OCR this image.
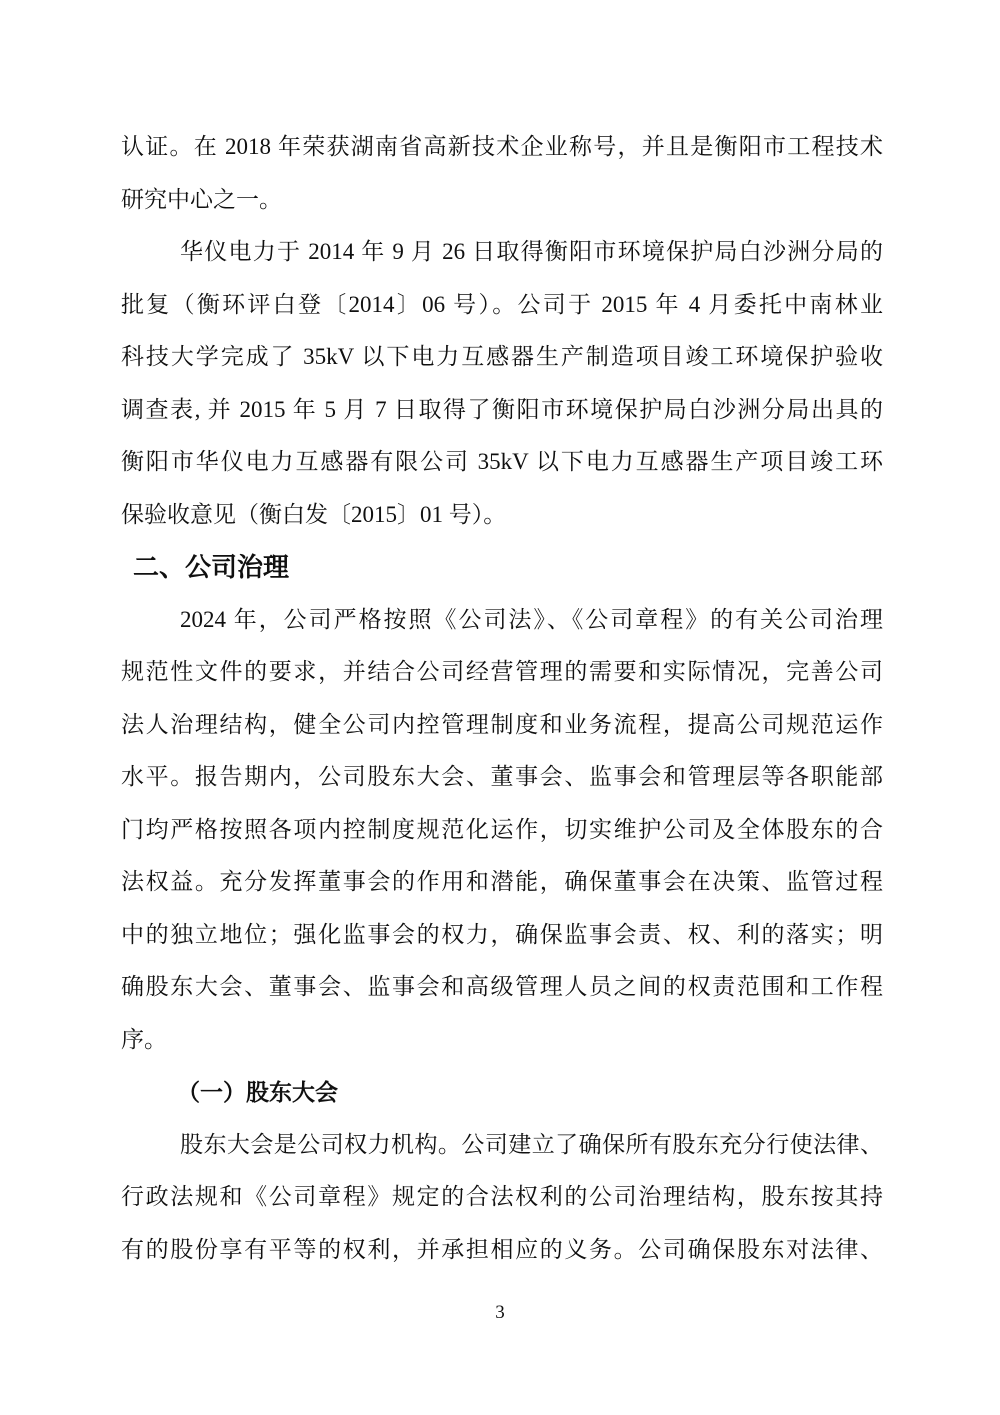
认证。在 2018 年荣获湖南省高新技术企业称号，并且是衡阳市工程技术
研究中心之一。
华仪电力于 2014 年 9 月 26 日取得衡阳市环境保护局白沙洲分局的
批复（衡环评白登〔2014〕06 号）。公司于 2015 年 4 月委托中南林业
科技大学完成了 35kV 以下电力互感器生产制造项目竣工环境保护验收
调查表, 并 2015 年 5 月 7 日取得了衡阳市环境保护局白沙洲分局出具的
衡阳市华仪电力互感器有限公司 35kV 以下电力互感器生产项目竣工环
保验收意见（衡白发〔2015〕01 号）。
二、公司治理
2024 年，公司严格按照《公司法》、《公司章程》的有关公司治理
规范性文件的要求，并结合公司经营管理的需要和实际情况，完善公司
法人治理结构，健全公司内控管理制度和业务流程，提高公司规范运作
水平。报告期内，公司股东大会、董事会、监事会和管理层等各职能部
门均严格按照各项内控制度规范化运作，切实维护公司及全体股东的合
法权益。充分发挥董事会的作用和潜能，确保董事会在决策、监管过程
中的独立地位；强化监事会的权力，确保监事会责、权、利的落实；明
确股东大会、董事会、监事会和高级管理人员之间的权责范围和工作程
序。
（一）股东大会
股东大会是公司权力机构。公司建立了确保所有股东充分行使法律、
行政法规和《公司章程》规定的合法权利的公司治理结构，股东按其持
有的股份享有平等的权利，并承担相应的义务。公司确保股东对法律、
3
